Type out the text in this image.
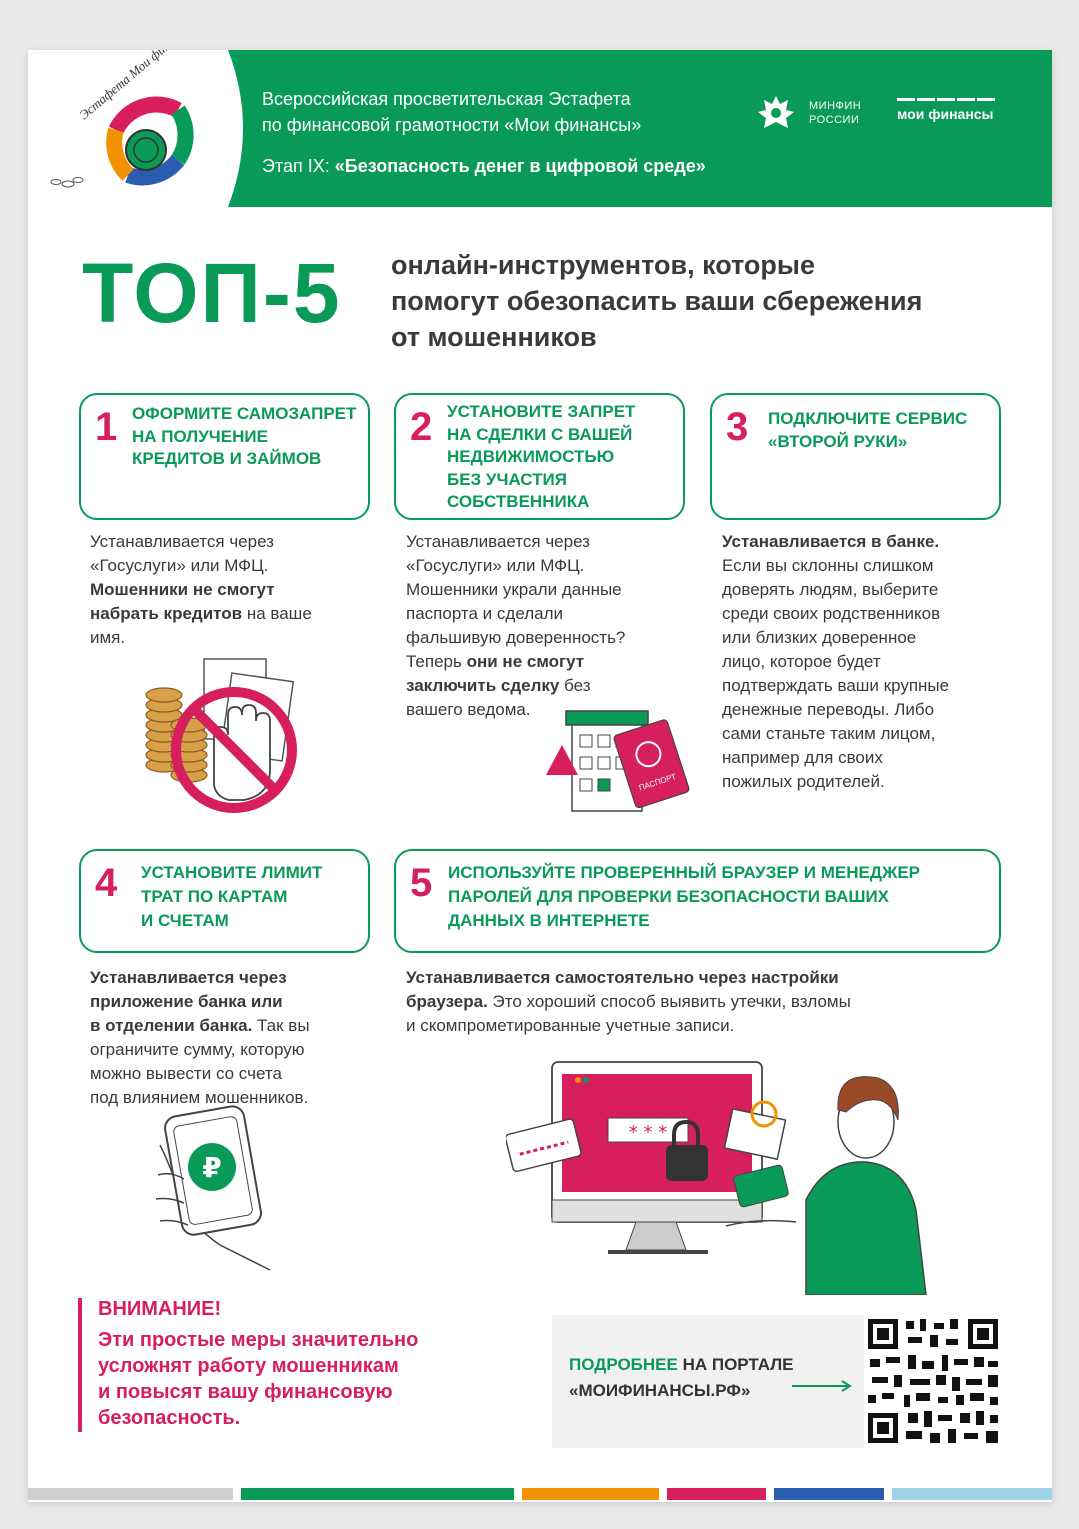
Всероссийская просветительская Эстафета
по финансовой грамотности «Мои финансы»
Этап IX: «Безопасность денег в цифровой среде»
МИНФИН
РОССИИ	мои финансы
ТОП-5 онлайн-инструментов, которые
помогут обезопасить ваши сбережения
от мошенников
1 ОФОРМИТЕ САМОЗАПРЕТ
НА ПОЛУЧЕНИЕ
КРЕДИТОВ И ЗАЙМОВ
2 УСТАНОВИТЕ ЗАПРЕТ
НА СДЕЛКИ С ВАШЕЙ
НЕДВИЖИМОСТЬЮ
БЕЗ УЧАСТИЯ
СОБСТВЕННИКА
3 ПОДКЛЮЧИТЕ СЕРВИС
«ВТОРОЙ РУКИ»
Устанавливается через
«Госуслуги» или МФЦ.
Мошенники не смогут
набрать кредитов на ваше
имя.
Устанавливается через
«Госуслуги» или МФЦ.
Мошенники украли данные
паспорта и сделали
фальшивую доверенность?
Теперь они не смогут
заключить сделку без
вашего ведома.
Устанавливается в банке.
Если вы склонны слишком
доверять людям, выберите
среди своих родственников
или близких доверенное
лицо, которое будет
подтверждать ваши крупные
денежные переводы. Либо
сами станьте таким лицом,
например для своих
пожилых родителей.
ПАСПОРТ
4 УСТАНОВИТЕ ЛИМИТ
ТРАТ ПО КАРТАМ
И СЧЕТАМ
5 ИСПОЛЬЗУЙТЕ ПРОВЕРЕННЫЙ БРАУЗЕР И МЕНЕДЖЕР
ПАРОЛЕЙ ДЛЯ ПРОВЕРКИ БЕЗОПАСНОСТИ ВАШИХ
ДАННЫХ В ИНТЕРНЕТЕ
Устанавливается через
приложение банка или
в отделении банка. Так вы
ограничите сумму, которую
можно вывести со счета
под влиянием мошенников.
Устанавливается самостоятельно через настройки
браузера. Это хороший способ выявить утечки, взломы
и скомпрометированные учетные записи.
₽
* * *
ВНИМАНИЕ!
Эти простые меры значительно
усложнят работу мошенникам
и повысят вашу финансовую
безопасность.
ПОДРОБНЕЕ НА ПОРТАЛЕ
«МОИФИНАНСЫ.РФ»
